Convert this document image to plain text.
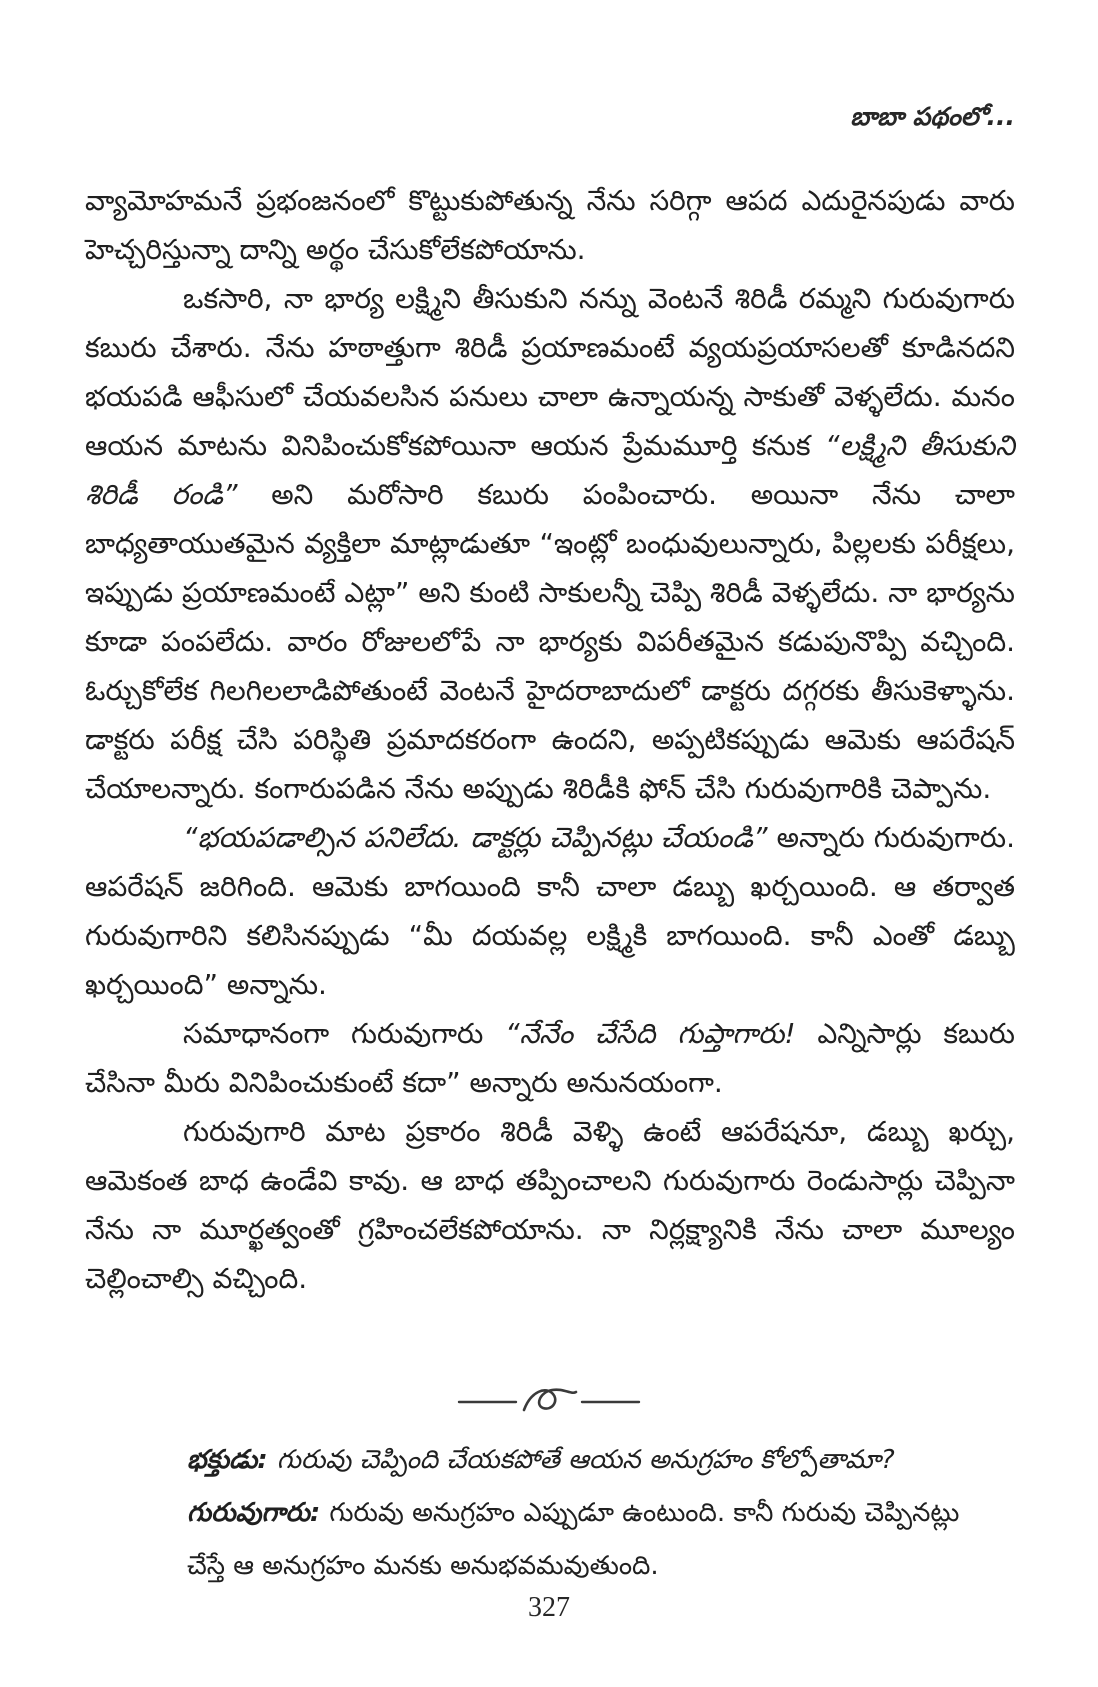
బాబా పథంలో...

వ్యామోహమనే ప్రభంజనంలో కొట్టుకుపోతున్న నేను సరిగ్గా ఆపద ఎదురైనపుడు వారు హెచ్చరిస్తున్నా దాన్ని అర్థం చేసుకోలేకపోయాను.

ఒకసారి, నా భార్య లక్ష్మిని తీసుకుని నన్ను వెంటనే శిరిడీ రమ్మని గురువుగారు కబురు చేశారు. నేను హఠాత్తుగా శిరిడీ ప్రయాణమంటే వ్యయప్రయాసలతో కూడినదని భయపడి ఆఫీసులో చేయవలసిన పనులు చాలా ఉన్నాయన్న సాకుతో వెళ్ళలేదు. మనం ఆయన మాటను వినిపించుకోకపోయినా ఆయన ప్రేమమూర్తి కనుక “లక్ష్మిని తీసుకుని శిరిడీ రండి” అని మరోసారి కబురు పంపించారు. అయినా నేను చాలా బాధ్యతాయుతమైన వ్యక్తిలా మాట్లాడుతూ “ఇంట్లో బంధువులున్నారు, పిల్లలకు పరీక్షలు, ఇప్పుడు ప్రయాణమంటే ఎట్లా” అని కుంటి సాకులన్నీ చెప్పి శిరిడీ వెళ్ళలేదు. నా భార్యను కూడా పంపలేదు. వారం రోజులలోపే నా భార్యకు విపరీతమైన కడుపునొప్పి వచ్చింది. ఓర్చుకోలేక గిలగిలలాడిపోతుంటే వెంటనే హైదరాబాదులో డాక్టరు దగ్గరకు తీసుకెళ్ళాను. డాక్టరు పరీక్ష చేసి పరిస్థితి ప్రమాదకరంగా ఉందని, అప్పటికప్పుడు ఆమెకు ఆపరేషన్ చేయాలన్నారు. కంగారుపడిన నేను అప్పుడు శిరిడీకి ఫోన్ చేసి గురువుగారికి చెప్పాను.

“భయపడాల్సిన పనిలేదు. డాక్టర్లు చెప్పినట్లు చేయండి” అన్నారు గురువుగారు. ఆపరేషన్ జరిగింది. ఆమెకు బాగయింది కానీ చాలా డబ్బు ఖర్చయింది. ఆ తర్వాత గురువుగారిని కలిసినప్పుడు “మీ దయవల్ల లక్ష్మికి బాగయింది. కానీ ఎంతో డబ్బు ఖర్చయింది” అన్నాను.

సమాధానంగా గురువుగారు “నేనేం చేసేది గుప్తాగారు! ఎన్నిసార్లు కబురు చేసినా మీరు వినిపించుకుంటే కదా” అన్నారు అనునయంగా.

గురువుగారి మాట ప్రకారం శిరిడీ వెళ్ళి ఉంటే ఆపరేషనూ, డబ్బు ఖర్చు, ఆమెకంత బాధ ఉండేవి కావు. ఆ బాధ తప్పించాలని గురువుగారు రెండుసార్లు చెప్పినా నేను నా మూర్ఖత్వంతో గ్రహించలేకపోయాను. నా నిర్లక్ష్యానికి నేను చాలా మూల్యం చెల్లించాల్సి వచ్చింది.

భక్తుడు: గురువు చెప్పింది చేయకపోతే ఆయన అనుగ్రహం కోల్పోతామా?

గురువుగారు: గురువు అనుగ్రహం ఎప్పుడూ ఉంటుంది. కానీ గురువు చెప్పినట్లు చేస్తే ఆ అనుగ్రహం మనకు అనుభవమవుతుంది.

327
